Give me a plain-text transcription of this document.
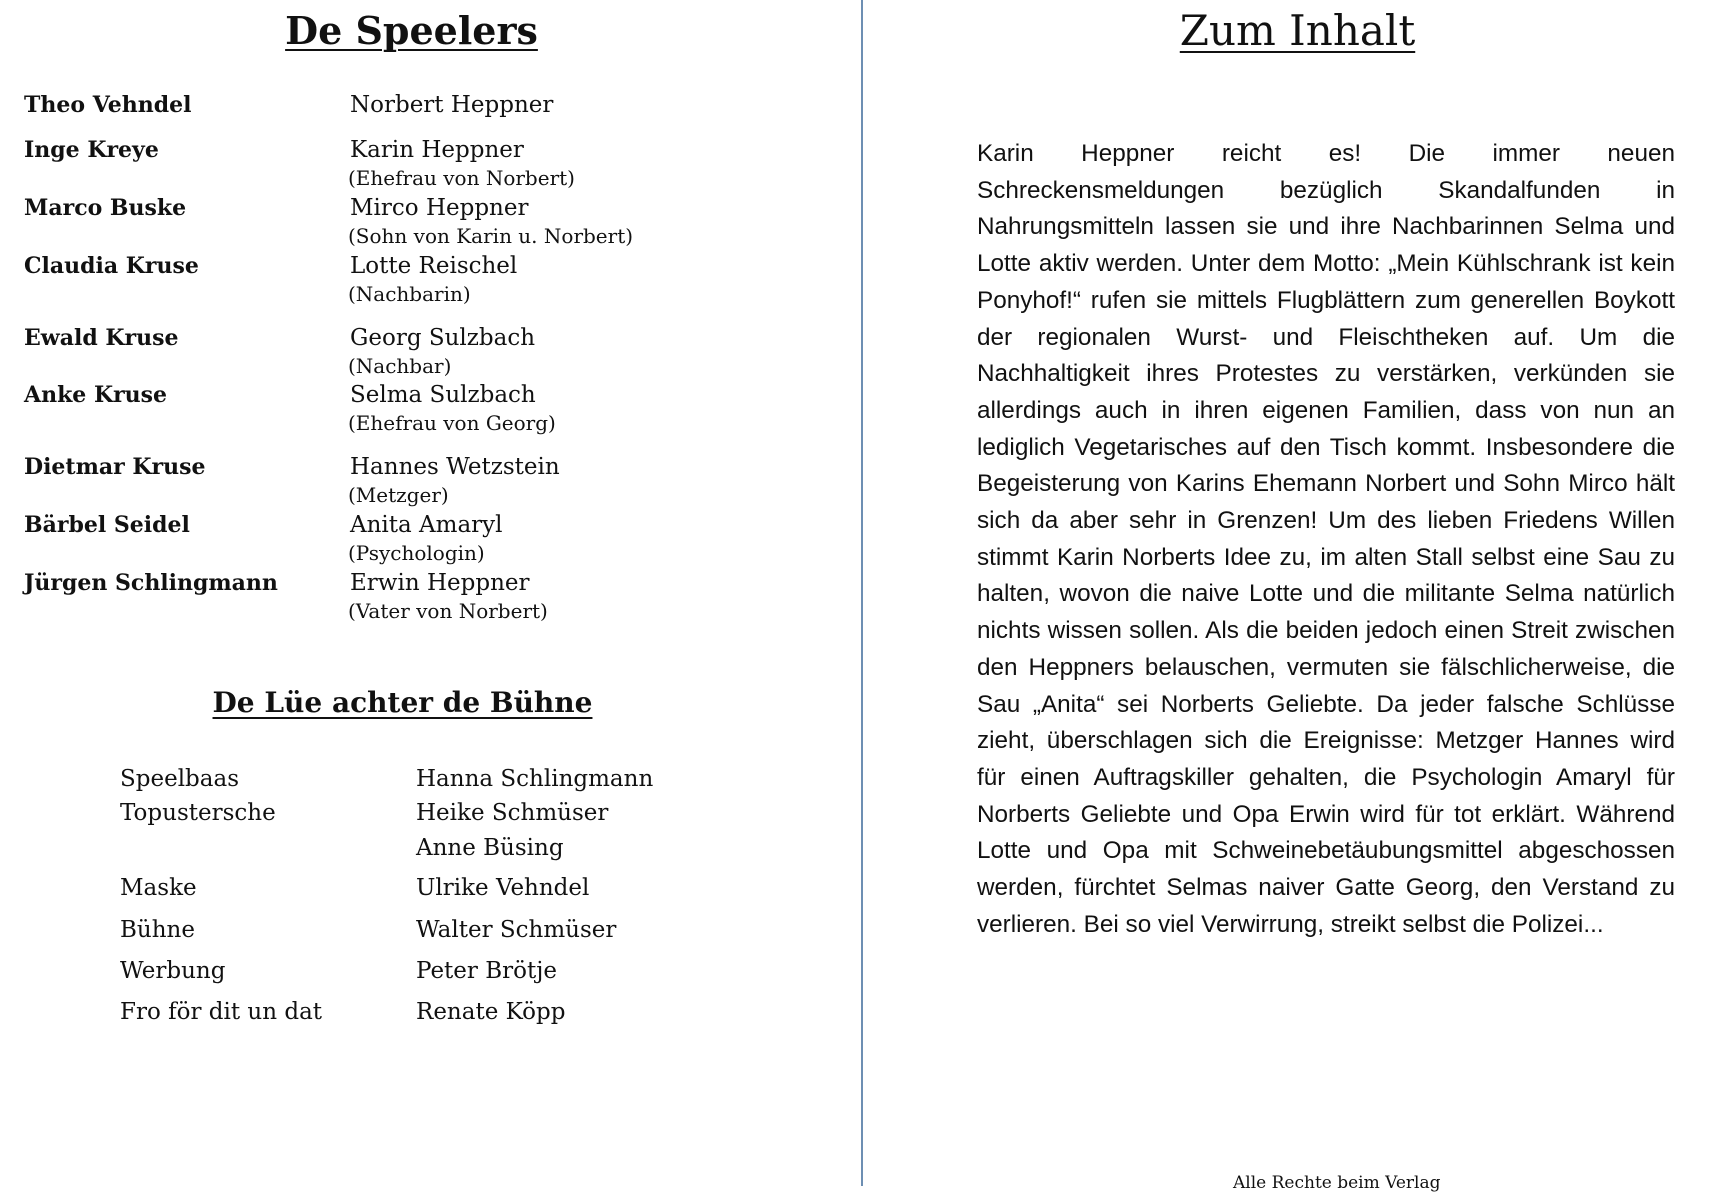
De Speelers
Theo Vehndel	Norbert Heppner
Inge Kreye	Karin Heppner
(Ehefrau von Norbert)
Marco Buske	Mirco Heppner
(Sohn von Karin u. Norbert)
Claudia Kruse	Lotte Reischel
(Nachbarin)
Ewald Kruse	Georg Sulzbach
(Nachbar)
Anke Kruse	Selma Sulzbach
(Ehefrau von Georg)
Dietmar Kruse	Hannes Wetzstein
(Metzger)
Bärbel Seidel	Anita Amaryl
(Psychologin)
Jürgen Schlingmann	Erwin Heppner
(Vater von Norbert)
De Lüe achter de Bühne
Speelbaas	Hanna Schlingmann
Topustersche	Heike Schmüser
Anne Büsing
Maske	Ulrike Vehndel
Bühne	Walter Schmüser
Werbung	Peter Brötje
Fro för dit un dat	Renate Köpp
Zum Inhalt

Karin Heppner reicht es! Die immer neuen Schreckensmeldungen bezüglich Skandalfunden in Nahrungsmitteln lassen sie und ihre Nachbarinnen Selma und Lotte aktiv werden. Unter dem Motto: „Mein Kühlschrank ist kein Ponyhof!“ rufen sie mittels Flugblättern zum generellen Boykott der regionalen Wurst- und Fleischtheken auf. Um die Nachhaltigkeit ihres Protestes zu verstärken, verkünden sie allerdings auch in ihren eigenen Familien, dass von nun an lediglich Vegetarisches auf den Tisch kommt. Insbesondere die Begeisterung von Karins Ehemann Norbert und Sohn Mirco hält sich da aber sehr in Grenzen! Um des lieben Friedens Willen stimmt Karin Norberts Idee zu, im alten Stall selbst eine Sau zu halten, wovon die naive Lotte und die militante Selma natürlich nichts wissen sollen. Als die beiden jedoch einen Streit zwischen den Heppners belauschen, vermuten sie fälschlicherweise, die Sau „Anita“ sei Norberts Geliebte. Da jeder falsche Schlüsse zieht, überschlagen sich die Ereignisse: Metzger Hannes wird für einen Auftragskiller gehalten, die Psychologin Amaryl für Norberts Geliebte und Opa Erwin wird für tot erklärt. Während Lotte und Opa mit Schweinebetäubungsmittel abgeschossen werden, fürchtet Selmas naiver Gatte Georg, den Verstand zu verlieren. Bei so viel Verwirrung, streikt selbst die Polizei...

Alle Rechte beim Verlag
